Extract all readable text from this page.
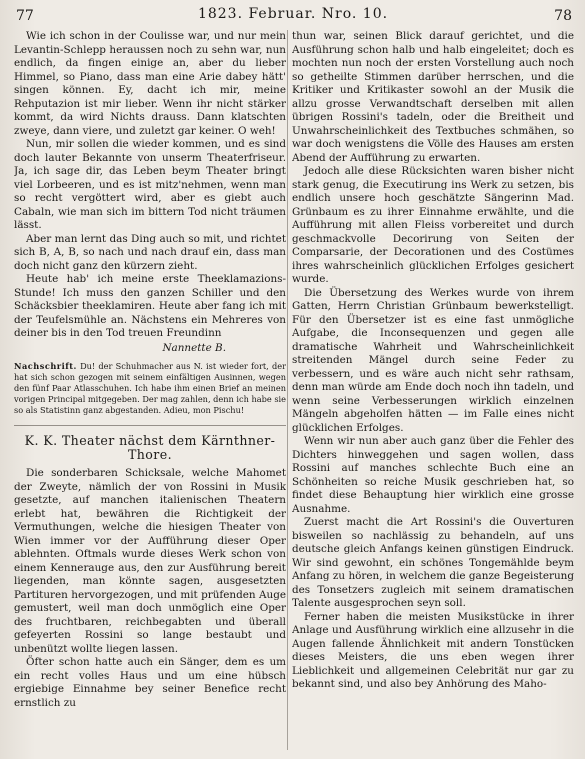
77	1823. Februar. Nro. 10.	78

Wie ich schon in der Coulisse war, und nur mein Levantin-Schlepp heraussen noch zu sehn war, nun endlich, da fingen einige an, aber du lieber Himmel, so Piano, dass man eine Arie dabey hätt' singen können. Ey, dacht ich mir, meine Rehputazion ist mir lieber. Wenn ihr nicht stärker kommt, da wird Nichts drauss. Dann klatschten zweye, dann viere, und zuletzt gar keiner. O weh!

Nun, mir sollen die wieder kommen, und es sind doch lauter Bekannte von unserm Theaterfriseur. Ja, ich sage dir, das Leben beym Theater bringt viel Lorbeeren, und es ist mitz'nehmen, wenn man so recht vergöttert wird, aber es giebt auch Cabaln, wie man sich im bittern Tod nicht träumen lässt.

Aber man lernt das Ding auch so mit, und richtet sich B, A, B, so nach und nach drauf ein, dass man doch nicht ganz den kürzern zieht.

Heute hab' ich meine erste Theeklamazions-Stunde! Ich muss den ganzen Schiller und den Schäcksbier theeklamiren. Heute aber fang ich mit der Teufelsmühle an. Nächstens ein Mehreres von deiner bis in den Tod treuen Freundinn

Nannette B.

Nachschrift. Du! der Schuhmacher aus N. ist wieder fort, der hat sich schon gezogen mit seinem einfältigen Ausinnen, wegen den fünf Paar Atlasschuhen. Ich habe ihm einen Brief an meinen vorigen Principal mitgegeben. Der mag zahlen, denn ich habe sie so als Statistinn ganz abgestanden. Adieu, mon Pischu!

K. K. Theater nächst dem Kärnthner-Thore.

Die sonderbaren Schicksale, welche Mahomet der Zweyte, nämlich der von Rossini in Musik gesetzte, auf manchen italienischen Theatern erlebt hat, bewähren die Richtigkeit der Vermuthungen, welche die hiesigen Theater von Wien immer vor der Aufführung dieser Oper ablehnten. Oftmals wurde dieses Werk schon von einem Kenneraugе aus, den zur Ausführung bereit liegenden, man könnte sagen, ausgesetzten Partituren hervorgezogen, und mit prüfenden Auge gemustert, weil man doch unmöglich eine Oper des fruchtbaren, reichbegabten und überall gefeyerten Rossini so lange bestaubt und unbenützt wollte liegen lassen.

Öfter schon hatte auch ein Sänger, dem es um ein recht volles Haus und um eine hübsch ergiebige Einnahme bey seiner Benefice recht ernstlich zu

thun war, seinen Blick darauf gerichtet, und die Ausführung schon halb und halb eingeleitet; doch es mochten nun noch der ersten Vorstellung auch noch so getheilte Stimmen darüber herrschen, und die Kritiker und Kritikaster sowohl an der Musik die allzu grosse Verwandtschaft derselben mit allen übrigen Rossini's tadeln, oder die Breitheit und Unwahrscheinlichkeit des Textbuches schmähen, so war doch wenigstens die Völle des Hauses am ersten Abend der Aufführung zu erwarten.

Jedoch alle diese Rücksichten waren bisher nicht stark genug, die Executirung ins Werk zu setzen, bis endlich unsere hoch geschätzte Sängerinn Mad. Grünbaum es zu ihrer Einnahme erwählte, und die Aufführung mit allen Fleiss vorbereitet und durch geschmackvolle Decorirung von Seiten der Comparsarie, der Decorationen und des Costümes ihres wahrscheinlich glücklichen Erfolges gesichert wurde.

Die Übersetzung des Werkes wurde von ihrem Gatten, Herrn Christian Grünbaum bewerkstelligt. Für den Übersetzer ist es eine fast unmögliche Aufgabe, die Inconsequenzen und gegen alle dramatische Wahrheit und Wahrscheinlichkeit streitenden Mängel durch seine Feder zu verbessern, und es wäre auch nicht sehr rathsam, denn man würde am Ende doch noch ihn tadeln, und wenn seine Verbesserungen wirklich einzelnen Mängeln abgeholfen hätten — im Falle eines nicht glücklichen Erfolges.

Wenn wir nun aber auch ganz über die Fehler des Dichters hinweggehen und sagen wollen, dass Rossini auf manches schlechte Buch eine an Schönheiten so reiche Musik geschrieben hat, so findet diese Behauptung hier wirklich eine grosse Ausnahme.

Zuerst macht die Art Rossini's die Ouverturen bisweilen so nachlässig zu behandeln, auf uns deutsche gleich Anfangs keinen günstigen Eindruck. Wir sind gewohnt, ein schönes Tongemählde beym Anfang zu hören, in welchem die ganze Begeisterung des Tonsetzers zugleich mit seinem dramatischen Talente ausgesprochen seyn soll.

Ferner haben die meisten Musikstücke in ihrer Anlage und Ausführung wirklich eine allzusehr in die Augen fallende Ähnlichkeit mit andern Tonstücken dieses Meisters, die uns eben wegen ihrer Lieblichkeit und allgemeinen Celebrität nur gar zu bekannt sind, und also bey Anhörung des Maho-
